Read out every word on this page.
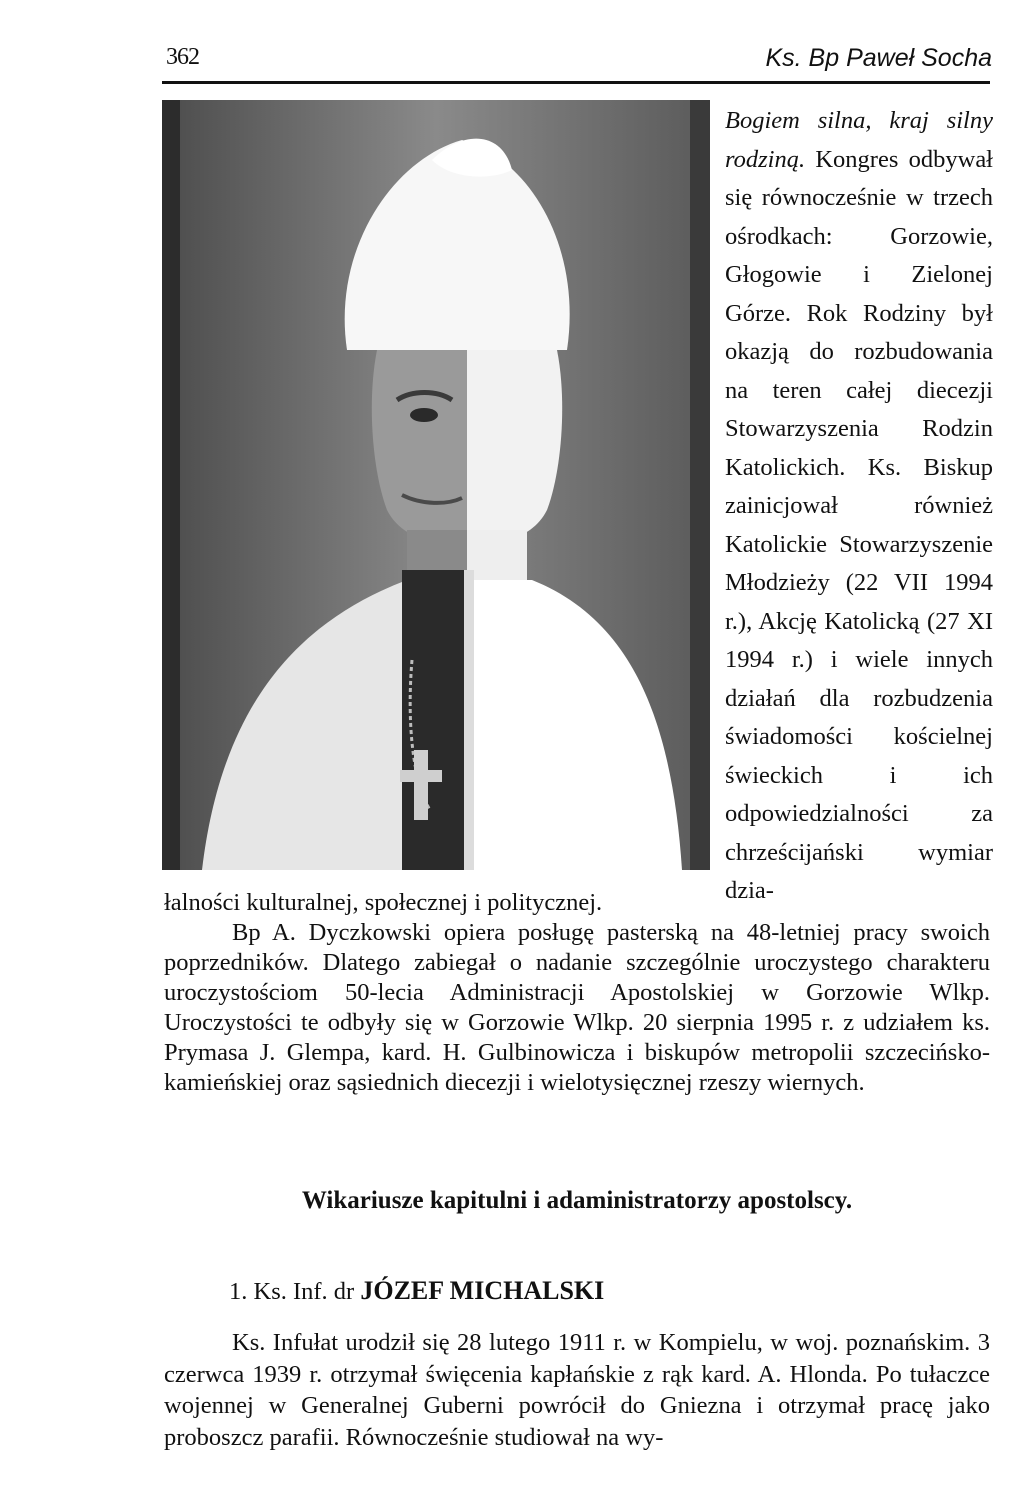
362	Ks. Bp Paweł Socha

Bogiem silna, kraj silny rodziną. Kongres odbywał się równocześnie w trzech ośrodkach: Gorzowie, Głogowie i Zielonej Górze. Rok Rodziny był okazją do rozbudowania na teren całej diecezji Stowarzyszenia Rodzin Katolickich. Ks. Biskup zainicjował również Katolickie Stowarzyszenie Młodzieży (22 VII 1994 r.), Akcję Katolicką (27 XI 1994 r.) i wiele innych działań dla rozbudzenia świadomości kościelnej świeckich i ich odpowiedzialności za chrześcijański wymiar dzia-

łalności kulturalnej, społecznej i politycznej.

Bp A. Dyczkowski opiera posługę pasterską na 48-letniej pracy swoich poprzedników. Dlatego zabiegał o nadanie szczególnie uroczystego charakteru uroczystościom 50-lecia Administracji Apostolskiej w Gorzowie Wlkp. Uroczystości te odbyły się w Gorzowie Wlkp. 20 sierpnia 1995 r. z udziałem ks. Prymasa J. Glempa, kard. H. Gulbinowicza i biskupów metropolii szczecińsko-kamieńskiej oraz sąsiednich diecezji i wielotysięcznej rzeszy wiernych.

Wikariusze kapitulni i adaministratorzy apostolscy.
1. Ks. Inf. dr JÓZEF MICHALSKI

Ks. Infułat urodził się 28 lutego 1911 r. w Kompielu, w woj. poznańskim. 3 czerwca 1939 r. otrzymał święcenia kapłańskie z rąk kard. A. Hlonda. Po tułaczce wojennej w Generalnej Guberni powrócił do Gniezna i otrzymał pracę jako proboszcz parafii. Równocześnie studiował na wy-
